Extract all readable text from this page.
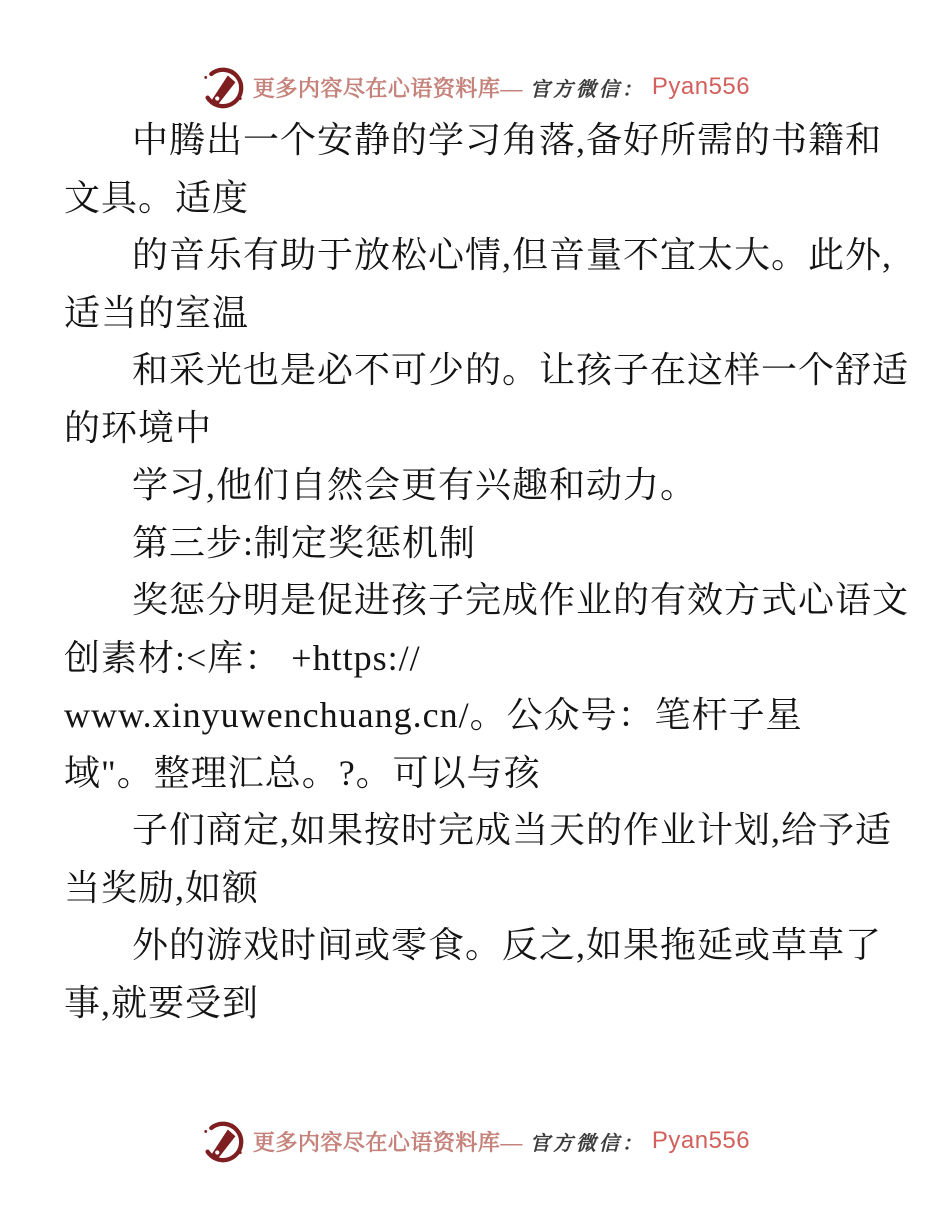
更多内容尽在心语资料库— 官方微信： Pyan556
中腾出一个安静的学习角落,备好所需的书籍和
文具。适度
的音乐有助于放松心情,但音量不宜太大。此外,
适当的室温
和采光也是必不可少的。让孩子在这样一个舒适
的环境中
学习,他们自然会更有兴趣和动力。
第三步:制定奖惩机制
奖惩分明是促进孩子完成作业的有效方式心语文
创素材:<库： +https://
www.xinyuwenchuang.cn/。公众号：笔杆子星
域"。整理汇总。?。可以与孩
子们商定,如果按时完成当天的作业计划,给予适
当奖励,如额
外的游戏时间或零食。反之,如果拖延或草草了
事,就要受到
更多内容尽在心语资料库— 官方微信： Pyan556
